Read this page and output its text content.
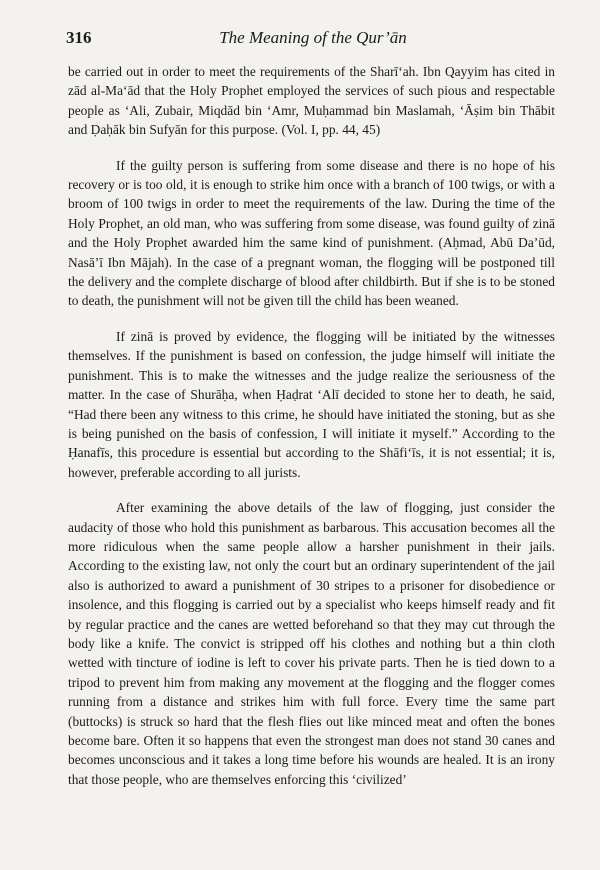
316	The Meaning of the Qur’ān

be carried out in order to meet the requirements of the Sharī‘ah. Ibn Qayyim has cited in zād al-Ma‘ād that the Holy Prophet employed the services of such pious and respectable people as ‘Ali, Zubair, Miqdād bin ‘Amr, Muḥammad bin Maslamah, ‘Āṣim bin Thābit and Ḍaḥāk bin Sufyān for this purpose. (Vol. I, pp. 44, 45)

If the guilty person is suffering from some disease and there is no hope of his recovery or is too old, it is enough to strike him once with a branch of 100 twigs, or with a broom of 100 twigs in order to meet the requirements of the law. During the time of the Holy Prophet, an old man, who was suffering from some disease, was found guilty of zinā and the Holy Prophet awarded him the same kind of punishment. (Aḥmad, Abū Da’ūd, Nasā’ī Ibn Mājah). In the case of a pregnant woman, the flogging will be postponed till the delivery and the complete discharge of blood after childbirth. But if she is to be stoned to death, the punishment will not be given till the child has been weaned.

If zinā is proved by evidence, the flogging will be initiated by the witnesses themselves. If the punishment is based on confession, the judge himself will initiate the punishment. This is to make the witnesses and the judge realize the seriousness of the matter. In the case of Shurāḥa, when Ḥaḍrat ‘Alī decided to stone her to death, he said, “Had there been any witness to this crime, he should have initiated the stoning, but as she is being punished on the basis of confession, I will initiate it myself.” According to the Ḥanafīs, this procedure is essential but according to the Shāfi‘īs, it is not essential; it is, however, preferable according to all jurists.

After examining the above details of the law of flogging, just consider the audacity of those who hold this punishment as barbarous. This accusation becomes all the more ridiculous when the same people allow a harsher punishment in their jails. According to the existing law, not only the court but an ordinary superintendent of the jail also is authorized to award a punishment of 30 stripes to a prisoner for disobedience or insolence, and this flogging is carried out by a specialist who keeps himself ready and fit by regular practice and the canes are wetted beforehand so that they may cut through the body like a knife. The convict is stripped off his clothes and nothing but a thin cloth wetted with tincture of iodine is left to cover his private parts. Then he is tied down to a tripod to prevent him from making any movement at the flogging and the flogger comes running from a distance and strikes him with full force. Every time the same part (buttocks) is struck so hard that the flesh flies out like minced meat and often the bones become bare. Often it so happens that even the strongest man does not stand 30 canes and becomes unconscious and it takes a long time before his wounds are healed. It is an irony that those people, who are themselves enforcing this ‘civilized’
